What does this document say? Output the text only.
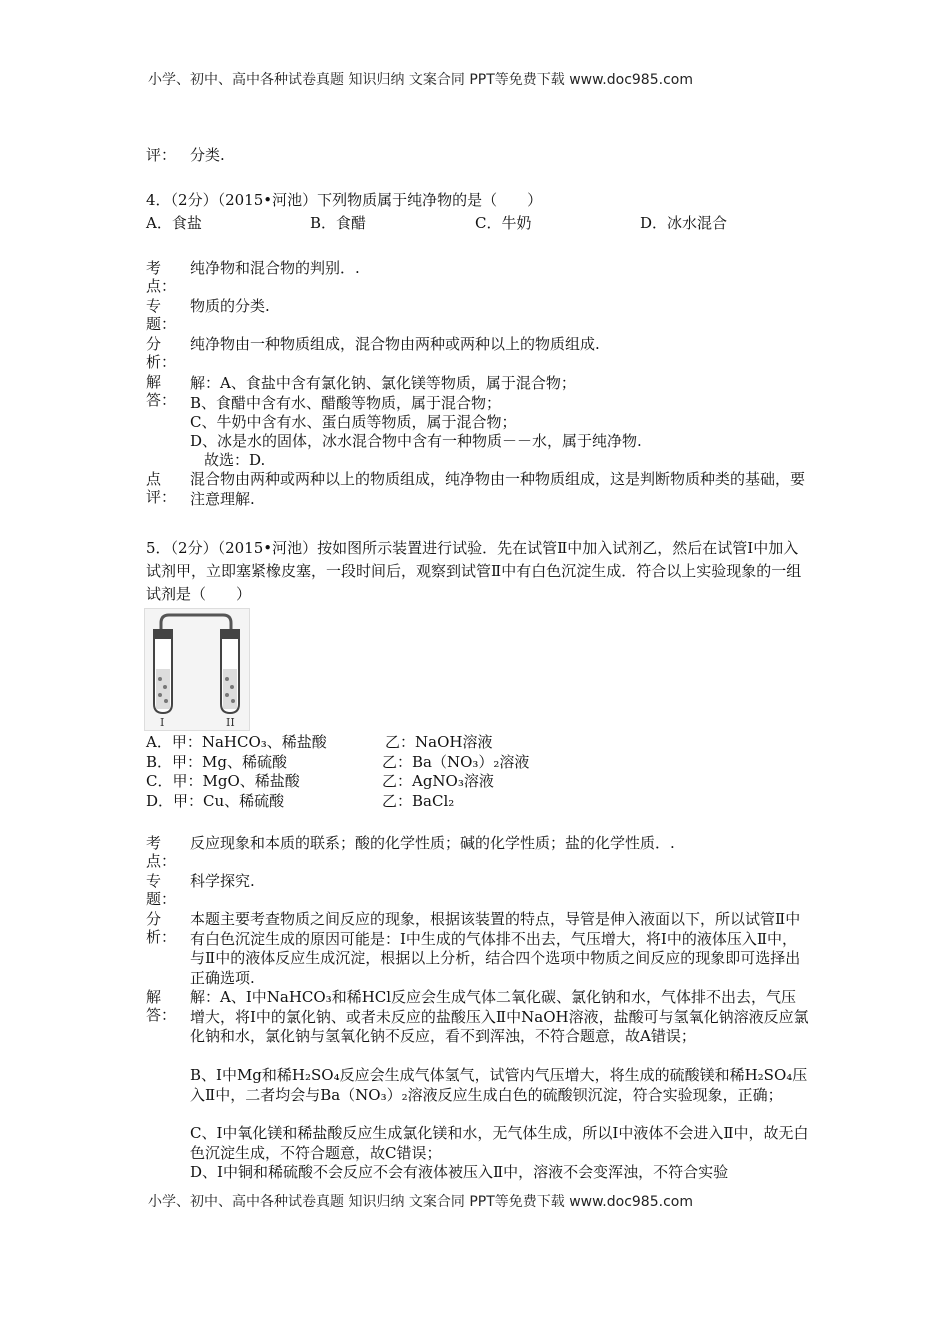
小学、初中、高中各种试卷真题 知识归纳 文案合同 PPT等免费下载 www.doc985.com
评： 分类.
4．（2分）（2015•河池）下列物质属于纯净物的是（　　）
A．食盐	B．食醋	C．牛奶	D．冰水混合
考点：
纯净物和混合物的判别．.
专题：
物质的分类.
分析：
纯净物由一种物质组成，混合物由两种或两种以上的物质组成.
解答：
解：A、食盐中含有氯化钠、氯化镁等物质，属于混合物；
B、食醋中含有水、醋酸等物质，属于混合物；
C、牛奶中含有水、蛋白质等物质，属于混合物；
D、冰是水的固体，冰水混合物中含有一种物质－－水，属于纯净物.
故选：D.
点评：
混合物由两种或两种以上的物质组成，纯净物由一种物质组成，这是判断物质种类的基础，要注意理解.
5．（2分）（2015•河池）按如图所示装置进行试验．先在试管Ⅱ中加入试剂乙，然后在试管Ⅰ中加入试剂甲，立即塞紧橡皮塞，一段时间后，观察到试管Ⅱ中有白色沉淀生成．符合以上实验现象的一组试剂是（　　）
I	II
A．甲：NaHCO₃、稀盐酸	乙：NaOH溶液
B．甲：Mg、稀硫酸	乙：Ba（NO₃）₂溶液
C．甲：MgO、稀盐酸	乙：AgNO₃溶液
D．甲：Cu、稀硫酸	乙：BaCl₂
考点：
反应现象和本质的联系；酸的化学性质；碱的化学性质；盐的化学性质．.
专题：
科学探究.
分析：
本题主要考查物质之间反应的现象，根据该装置的特点，导管是伸入液面以下，所以试管Ⅱ中有白色沉淀生成的原因可能是：Ⅰ中生成的气体排不出去，气压增大，将Ⅰ中的液体压入Ⅱ中，与Ⅱ中的液体反应生成沉淀，根据以上分析，结合四个选项中物质之间反应的现象即可选择出正确选项.
解答：
解：A、Ⅰ中NaHCO₃和稀HCl反应会生成气体二氧化碳、氯化钠和水，气体排不出去，气压增大，将Ⅰ中的氯化钠、或者未反应的盐酸压入Ⅱ中NaOH溶液，盐酸可与氢氧化钠溶液反应氯化钠和水，氯化钠与氢氧化钠不反应，看不到浑浊，不符合题意，故A错误；
B、Ⅰ中Mg和稀H₂SO₄反应会生成气体氢气，试管内气压增大，将生成的硫酸镁和稀H₂SO₄压入Ⅱ中，二者均会与Ba（NO₃）₂溶液反应生成白色的硫酸钡沉淀，符合实验现象，正确；
C、Ⅰ中氧化镁和稀盐酸反应生成氯化镁和水，无气体生成，所以Ⅰ中液体不会进入Ⅱ中，故无白色沉淀生成，不符合题意，故C错误；
D、Ⅰ中铜和稀硫酸不会反应不会有液体被压入Ⅱ中，溶液不会变浑浊，不符合实验
小学、初中、高中各种试卷真题 知识归纳 文案合同 PPT等免费下载 www.doc985.com
